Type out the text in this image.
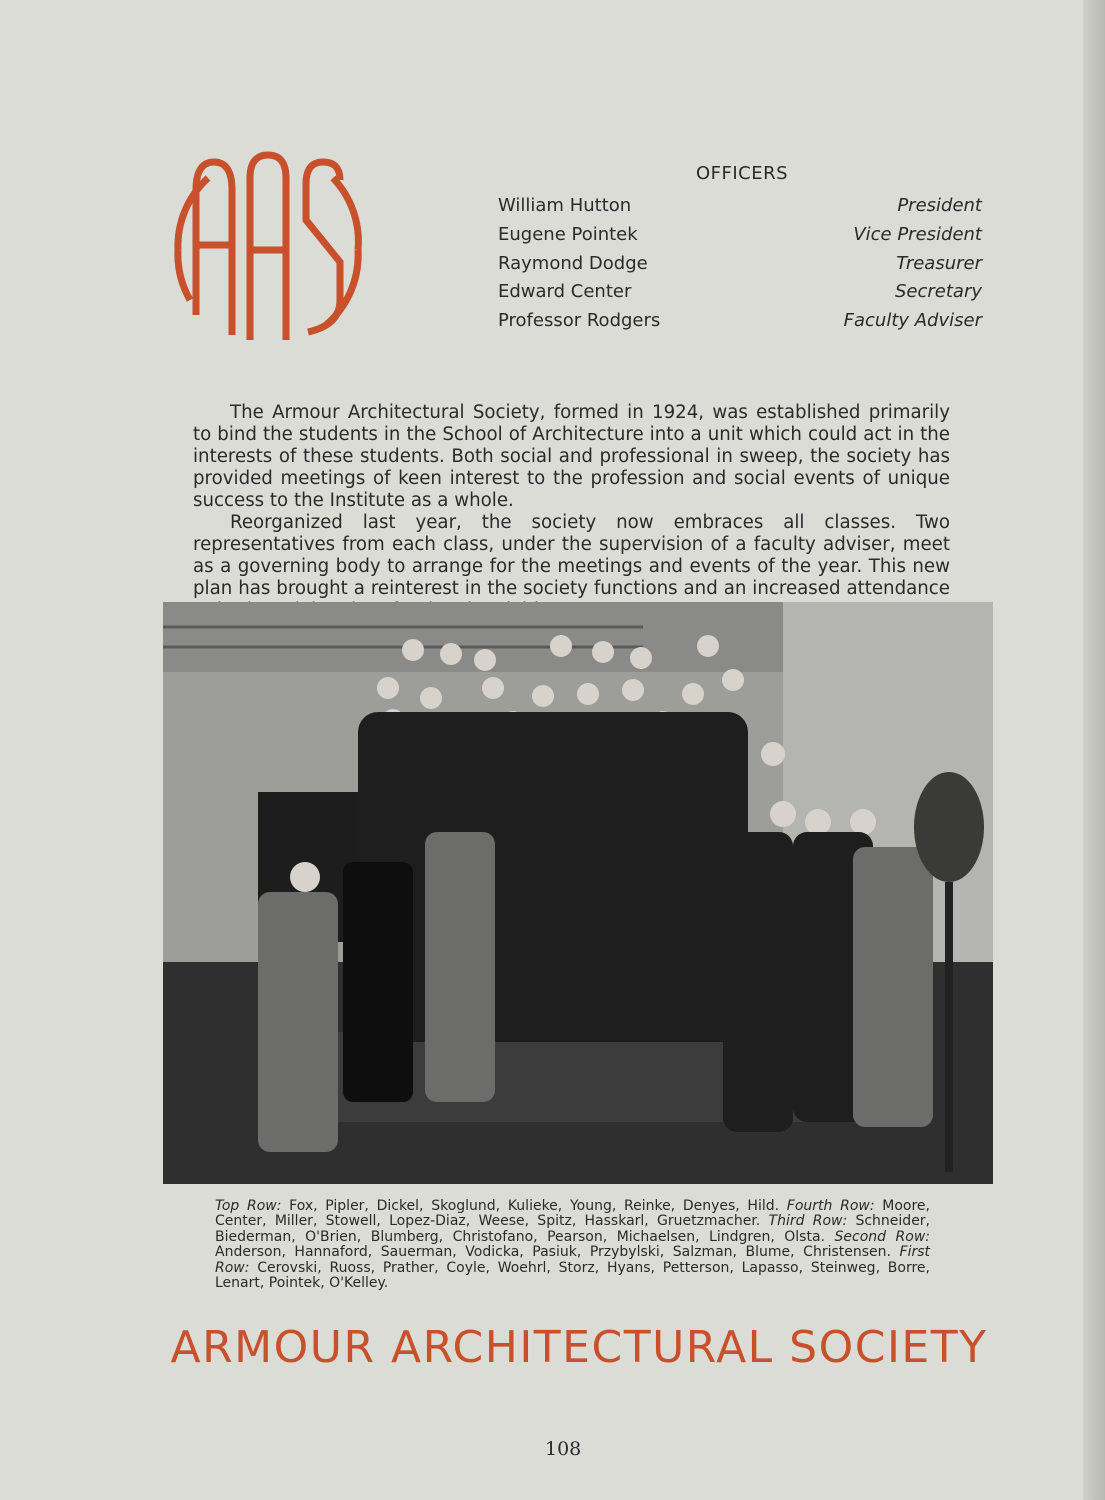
OFFICERS
William Hutton	President
Eugene Pointek	Vice President
Raymond Dodge	Treasurer
Edward Center	Secretary
Professor Rodgers	Faculty Adviser

The Armour Architectural Society, formed in 1924, was established primarily to bind the students in the School of Architecture into a unit which could act in the interests of these students. Both social and professional in sweep, the society has provided meetings of keen interest to the profession and social events of unique success to the Institute as a whole.

Reorganized last year, the society now embraces all classes. Two representatives from each class, under the supervision of a faculty adviser, meet as a governing body to arrange for the meetings and events of the year. This new plan has brought a reinterest in the society functions and an increased attendance

Top Row: Fox, Pipler, Dickel, Skoglund, Kulieke, Young, Reinke, Denyes, Hild. Fourth Row: Moore, Center, Miller, Stowell, Lopez-Diaz, Weese, Spitz, Hasskarl, Gruetzmacher. Third Row: Schneider, Biederman, O'Brien, Blumberg, Christofano, Pearson, Michaelsen, Lindgren, Olsta. Second Row: Anderson, Hannaford, Sauerman, Vodicka, Pasiuk, Przybylski, Salzman, Blume, Christensen. First Row: Cerovski, Ruoss, Prather, Coyle, Woehrl, Storz, Hyans, Petterson, Lapasso, Steinweg, Borre, Lenart, Pointek, O'Kelley.
ARMOUR ARCHITECTURAL SOCIETY
108
